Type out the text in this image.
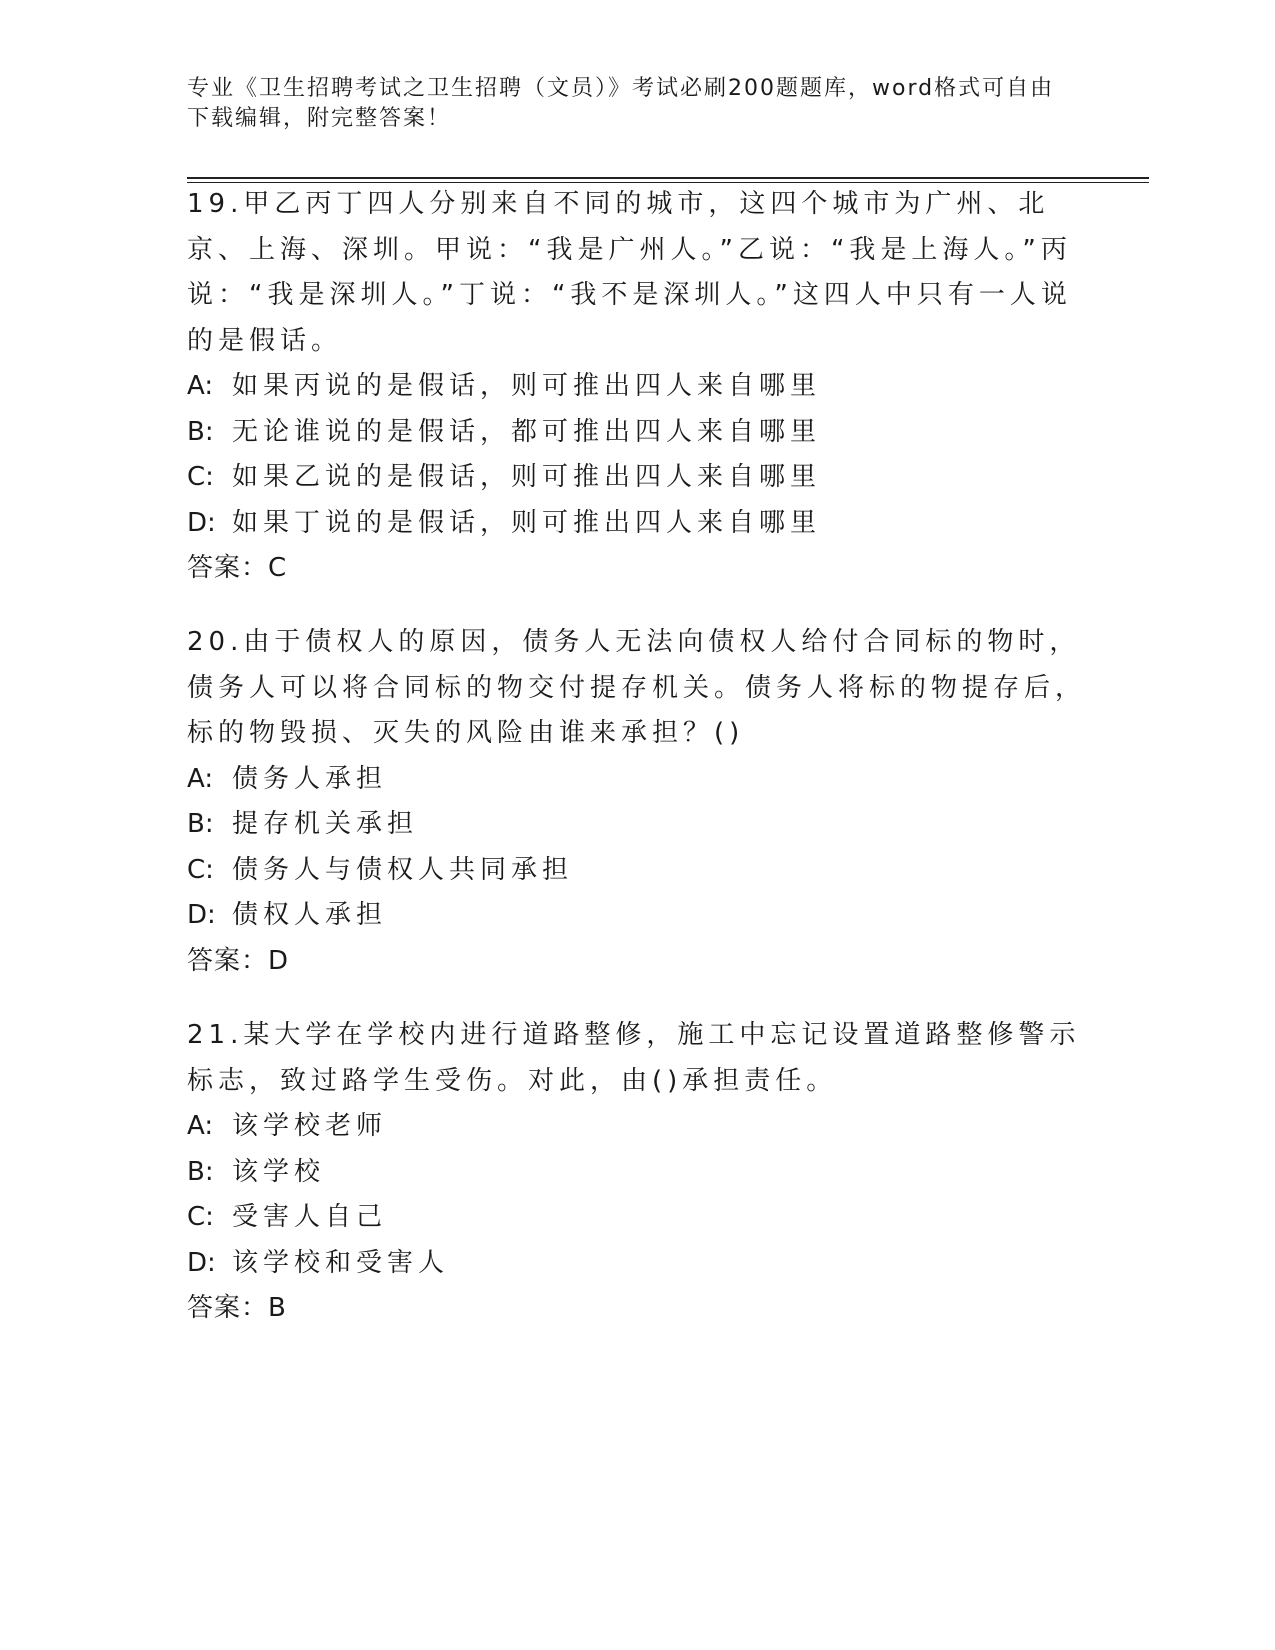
专业《卫生招聘考试之卫生招聘（文员）》考试必刷200题题库，word格式可自由下载编辑，附完整答案！

19.甲乙丙丁四人分别来自不同的城市，这四个城市为广州、北京、上海、深圳。甲说：“我是广州人。”乙说：“我是上海人。”丙说：“我是深圳人。”丁说：“我不是深圳人。”这四人中只有一人说的是假话。

A: 如果丙说的是假话，则可推出四人来自哪里
B: 无论谁说的是假话，都可推出四人来自哪里
C: 如果乙说的是假话，则可推出四人来自哪里
D: 如果丁说的是假话，则可推出四人来自哪里

答案：C

20.由于债权人的原因，债务人无法向债权人给付合同标的物时，债务人可以将合同标的物交付提存机关。债务人将标的物提存后，标的物毁损、灭失的风险由谁来承担？()

A: 债务人承担
B: 提存机关承担
C: 债务人与债权人共同承担
D: 债权人承担

答案：D

21.某大学在学校内进行道路整修，施工中忘记设置道路整修警示标志，致过路学生受伤。对此，由()承担责任。

A: 该学校老师
B: 该学校
C: 受害人自己
D: 该学校和受害人

答案：B
